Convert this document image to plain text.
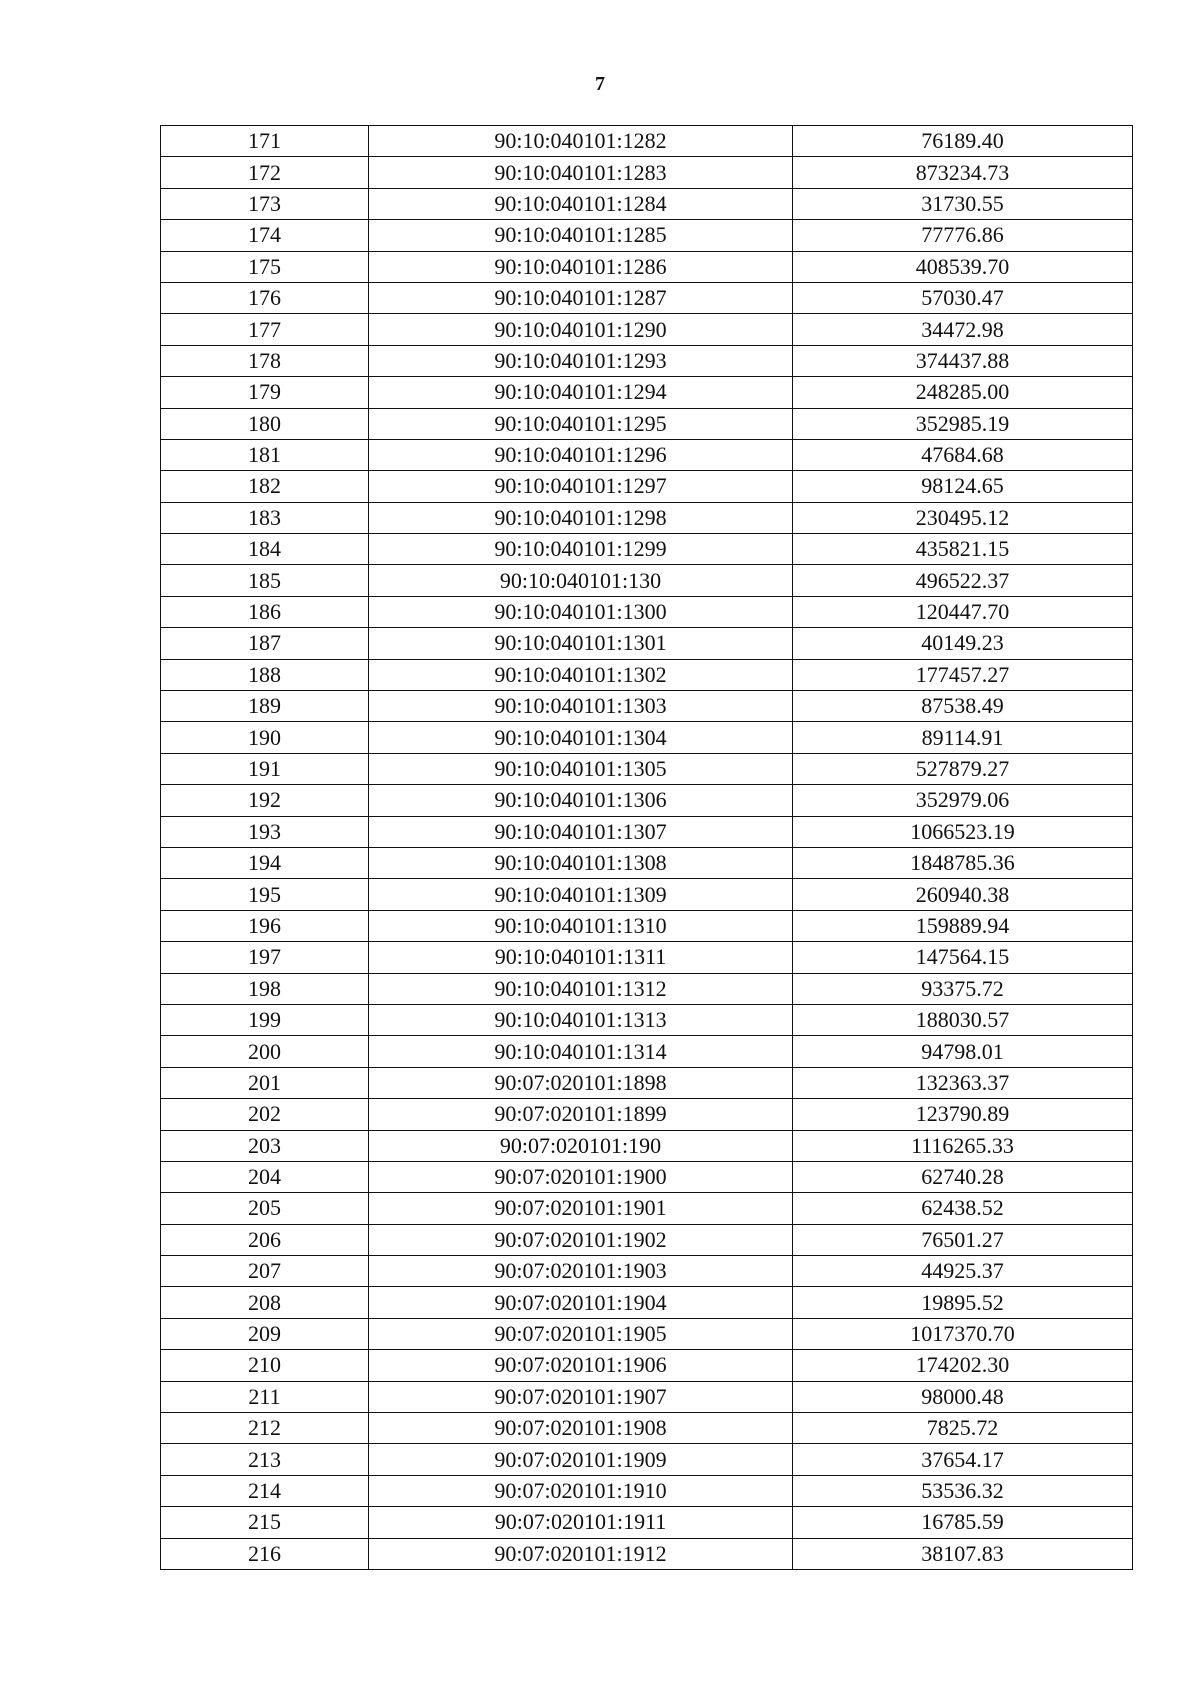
7
171	90:10:040101:1282	76189.40
172	90:10:040101:1283	873234.73
173	90:10:040101:1284	31730.55
174	90:10:040101:1285	77776.86
175	90:10:040101:1286	408539.70
176	90:10:040101:1287	57030.47
177	90:10:040101:1290	34472.98
178	90:10:040101:1293	374437.88
179	90:10:040101:1294	248285.00
180	90:10:040101:1295	352985.19
181	90:10:040101:1296	47684.68
182	90:10:040101:1297	98124.65
183	90:10:040101:1298	230495.12
184	90:10:040101:1299	435821.15
185	90:10:040101:130	496522.37
186	90:10:040101:1300	120447.70
187	90:10:040101:1301	40149.23
188	90:10:040101:1302	177457.27
189	90:10:040101:1303	87538.49
190	90:10:040101:1304	89114.91
191	90:10:040101:1305	527879.27
192	90:10:040101:1306	352979.06
193	90:10:040101:1307	1066523.19
194	90:10:040101:1308	1848785.36
195	90:10:040101:1309	260940.38
196	90:10:040101:1310	159889.94
197	90:10:040101:1311	147564.15
198	90:10:040101:1312	93375.72
199	90:10:040101:1313	188030.57
200	90:10:040101:1314	94798.01
201	90:07:020101:1898	132363.37
202	90:07:020101:1899	123790.89
203	90:07:020101:190	1116265.33
204	90:07:020101:1900	62740.28
205	90:07:020101:1901	62438.52
206	90:07:020101:1902	76501.27
207	90:07:020101:1903	44925.37
208	90:07:020101:1904	19895.52
209	90:07:020101:1905	1017370.70
210	90:07:020101:1906	174202.30
211	90:07:020101:1907	98000.48
212	90:07:020101:1908	7825.72
213	90:07:020101:1909	37654.17
214	90:07:020101:1910	53536.32
215	90:07:020101:1911	16785.59
216	90:07:020101:1912	38107.83
